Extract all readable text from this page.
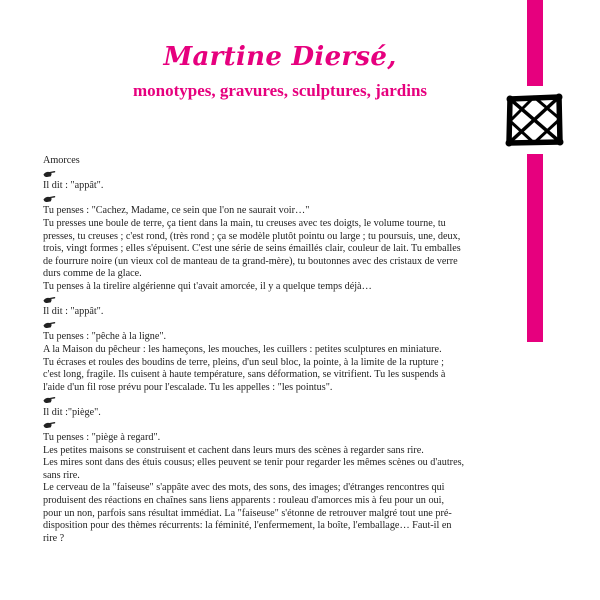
Martine Diersé,
monotypes, gravures, sculptures, jardins
Amorces
Il dit : "appât".
Tu penses : "Cachez, Madame, ce sein que l'on ne saurait voir…"
Tu presses une boule de terre, ça tient dans la main, tu creuses avec tes doigts, le volume tourne, tu
presses, tu creuses ; c'est rond, (très rond ; ça se modèle plutôt pointu ou large ; tu poursuis, une, deux,
trois, vingt formes ; elles s'épuisent. C'est une série de seins émaillés clair, couleur de lait. Tu emballes
de fourrure noire (un vieux col de manteau de ta grand-mère), tu boutonnes avec des cristaux de verre
durs comme de la glace.
Tu penses à la tirelire algérienne qui t'avait amorcée, il y a quelque temps déjà…
Il dit : "appât".
Tu penses : "pêche à la ligne".
A la Maison du pêcheur : les hameçons, les mouches, les cuillers : petites sculptures en miniature.
Tu écrases et roules des boudins de terre, pleins, d'un seul bloc, la pointe, à la limite de la rupture ;
c'est long, fragile. Ils cuisent à haute température, sans déformation, se vitrifient. Tu les suspends à
l'aide d'un fil rose prévu pour l'escalade. Tu les appelles : "les pointus".
Il dit :"piège".
Tu penses : "piège à regard".
Les petites maisons se construisent et cachent dans leurs murs des scènes à regarder sans rire.
Les mires sont dans des étuis cousus; elles peuvent se tenir pour regarder les mêmes scènes ou d'autres,
sans rire.
Le cerveau de la "faiseuse" s'appâte avec des mots, des sons, des images; d'étranges rencontres qui
produisent des réactions en chaînes sans liens apparents : rouleau d'amorces mis à feu pour un oui,
pour un non, parfois sans résultat immédiat. La "faiseuse" s'étonne de retrouver malgré tout une pré-
disposition pour des thèmes récurrents: la féminité, l'enfermement, la boîte, l'emballage… Faut-il en
rire ?
